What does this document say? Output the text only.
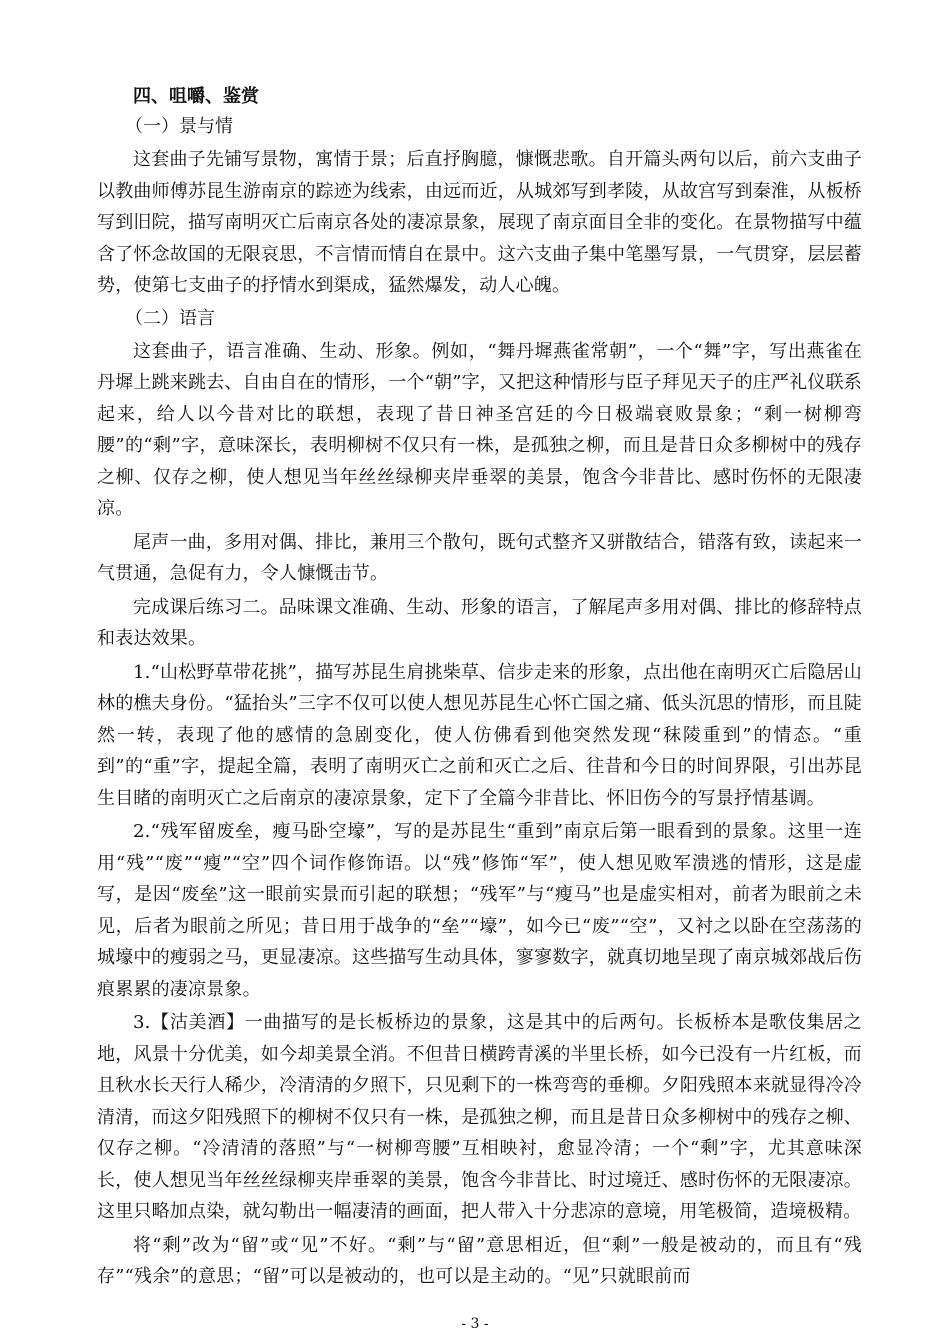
四、咀嚼、鉴赏
（一）景与情

这套曲子先铺写景物，寓情于景；后直抒胸臆，慷慨悲歌。自开篇头两句以后，前六支曲子以教曲师傅苏昆生游南京的踪迹为线索，由远而近，从城郊写到孝陵，从故宫写到秦淮，从板桥写到旧院，描写南明灭亡后南京各处的凄凉景象，展现了南京面目全非的变化。在景物描写中蕴含了怀念故国的无限哀思，不言情而情自在景中。这六支曲子集中笔墨写景，一气贯穿，层层蓄势，使第七支曲子的抒情水到渠成，猛然爆发，动人心魄。

（二）语言

这套曲子，语言准确、生动、形象。例如，“舞丹墀燕雀常朝”，一个“舞”字，写出燕雀在丹墀上跳来跳去、自由自在的情形，一个“朝”字，又把这种情形与臣子拜见天子的庄严礼仪联系起来，给人以今昔对比的联想，表现了昔日神圣宫廷的今日极端衰败景象；“剩一树柳弯腰”的“剩”字，意味深长，表明柳树不仅只有一株，是孤独之柳，而且是昔日众多柳树中的残存之柳、仅存之柳，使人想见当年丝丝绿柳夹岸垂翠的美景，饱含今非昔比、感时伤怀的无限凄凉。

尾声一曲，多用对偶、排比，兼用三个散句，既句式整齐又骈散结合，错落有致，读起来一气贯通，急促有力，令人慷慨击节。

完成课后练习二。品味课文准确、生动、形象的语言，了解尾声多用对偶、排比的修辞特点和表达效果。

1.“山松野草带花挑”，描写苏昆生肩挑柴草、信步走来的形象，点出他在南明灭亡后隐居山林的樵夫身份。“猛抬头”三字不仅可以使人想见苏昆生心怀亡国之痛、低头沉思的情形，而且陡然一转，表现了他的感情的急剧变化，使人仿佛看到他突然发现“秣陵重到”的情态。“重到”的“重”字，提起全篇，表明了南明灭亡之前和灭亡之后、往昔和今日的时间界限，引出苏昆生目睹的南明灭亡之后南京的凄凉景象，定下了全篇今非昔比、怀旧伤今的写景抒情基调。

2.“残军留废垒，瘦马卧空壕”，写的是苏昆生“重到”南京后第一眼看到的景象。这里一连用“残”“废”“瘦”“空”四个词作修饰语。以“残”修饰“军”，使人想见败军溃逃的情形，这是虚写，是因“废垒”这一眼前实景而引起的联想；“残军”与“瘦马”也是虚实相对，前者为眼前之未见，后者为眼前之所见；昔日用于战争的“垒”“壕”，如今已“废”“空”，又衬之以卧在空荡荡的城壕中的瘦弱之马，更显凄凉。这些描写生动具体，寥寥数字，就真切地呈现了南京城郊战后伤痕累累的凄凉景象。

3.【沽美酒】一曲描写的是长板桥边的景象，这是其中的后两句。长板桥本是歌伎集居之地，风景十分优美，如今却美景全消。不但昔日横跨青溪的半里长桥，如今已没有一片红板，而且秋水长天行人稀少，冷清清的夕照下，只见剩下的一株弯弯的垂柳。夕阳残照本来就显得冷冷清清，而这夕阳残照下的柳树不仅只有一株，是孤独之柳，而且是昔日众多柳树中的残存之柳、仅存之柳。“冷清清的落照”与“一树柳弯腰”互相映衬，愈显冷清；一个“剩”字，尤其意味深长，使人想见当年丝丝绿柳夹岸垂翠的美景，饱含今非昔比、时过境迁、感时伤怀的无限凄凉。这里只略加点染，就勾勒出一幅凄清的画面，把人带入十分悲凉的意境，用笔极简，造境极精。

将“剩”改为“留”或“见”不好。“剩”与“留”意思相近，但“剩”一般是被动的，而且有“残存”“残余”的意思；“留”可以是被动的，也可以是主动的。“见”只就眼前而

- 3 -
